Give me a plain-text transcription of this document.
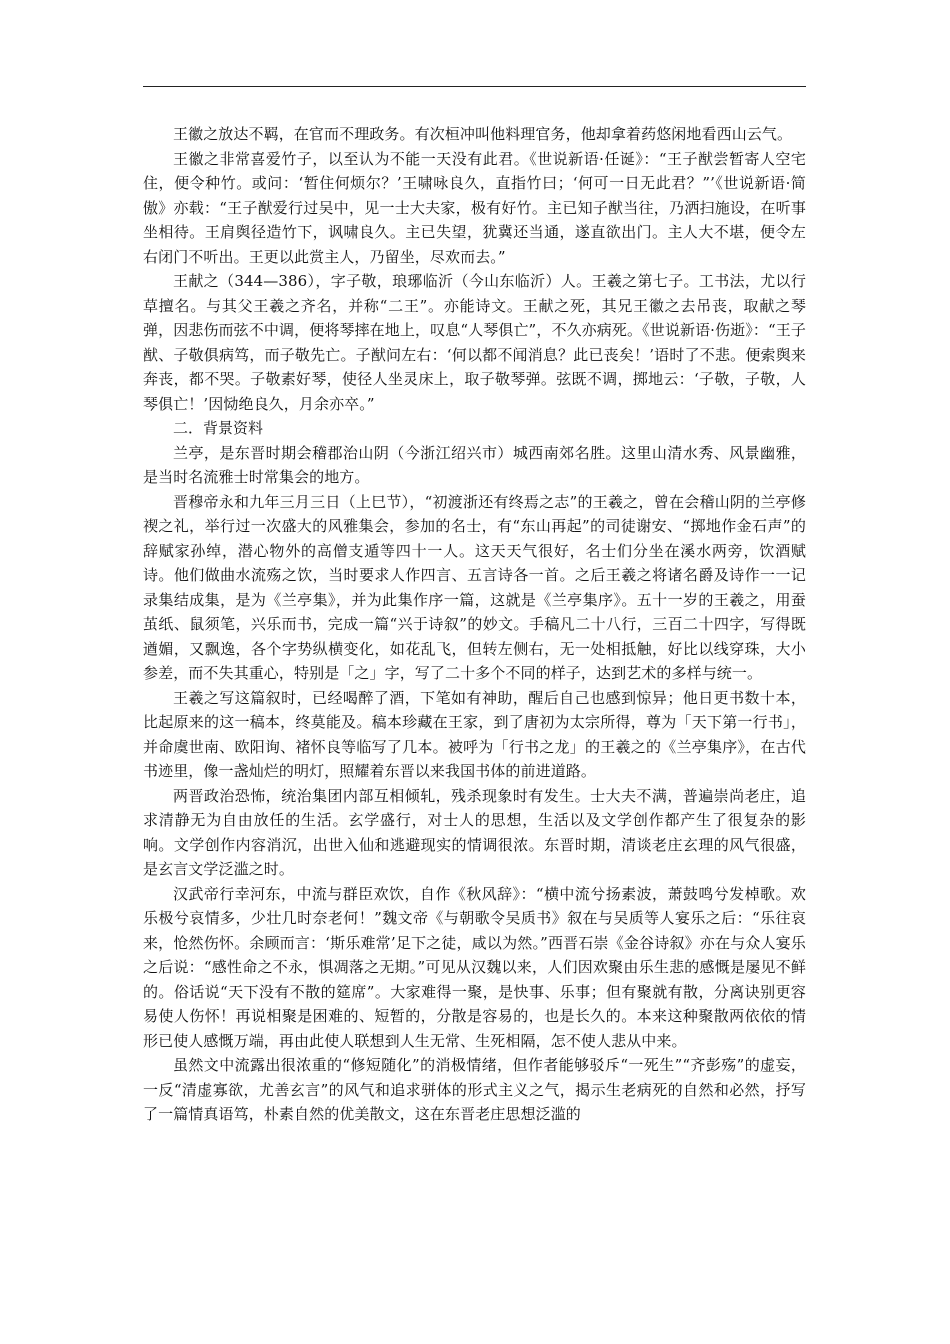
王徽之放达不羁，在官而不理政务。有次桓冲叫他料理官务，他却拿着药悠闲地看西山云气。

王徽之非常喜爱竹子，以至认为不能一天没有此君。《世说新语·任诞》：“王子猷尝暂寄人空宅住，便令种竹。或问：‘暂住何烦尔？’王啸咏良久，直指竹曰；‘何可一日无此君？”’《世说新语·简傲》亦载：“王子猷爱行过吴中，见一士大夫家，极有好竹。主已知子猷当往，乃洒扫施设，在听事坐相待。王肩舆径造竹下，讽啸良久。主已失望，犹冀还当通，遂直欲出门。主人大不堪，便令左右闭门不听出。王更以此赏主人，乃留坐，尽欢而去。”

王献之（344—386），字子敬，琅琊临沂（今山东临沂）人。王羲之第七子。工书法，尤以行草擅名。与其父王羲之齐名，并称“二王”。亦能诗文。王献之死，其兄王徽之去吊丧，取献之琴弹，因悲伤而弦不中调，便将琴摔在地上，叹息“人琴俱亡”，不久亦病死。《世说新语·伤逝》：“王子猷、子敬俱病笃，而子敬先亡。子猷问左右：‘何以都不闻消息？此已丧矣！’语时了不悲。便索舆来奔丧，都不哭。子敬素好琴，使径人坐灵床上，取子敬琴弹。弦既不调，掷地云：‘子敬，子敬，人琴俱亡！’因恸绝良久，月余亦卒。”

二．背景资料

兰亭，是东晋时期会稽郡治山阴（今浙江绍兴市）城西南郊名胜。这里山清水秀、风景幽雅，是当时名流雅士时常集会的地方。

晋穆帝永和九年三月三日（上巳节），“初渡浙还有终焉之志”的王羲之，曾在会稽山阴的兰亭修禊之礼，举行过一次盛大的风雅集会，参加的名士，有“东山再起”的司徒谢安、“掷地作金石声”的辞赋家孙绰，潜心物外的高僧支遁等四十一人。这天天气很好，名士们分坐在溪水两旁，饮酒赋诗。他们做曲水流殇之饮，当时要求人作四言、五言诗各一首。之后王羲之将诸名爵及诗作一一记录集结成集，是为《兰亭集》，并为此集作序一篇，这就是《兰亭集序》。五十一岁的王羲之，用蚕茧纸、鼠须笔，兴乐而书，完成一篇“兴于诗叙”的妙文。手稿凡二十八行，三百二十四字，写得既遒媚，又飘逸，各个字势纵横变化，如花乱飞，但转左侧右，无一处相抵触，好比以线穿珠，大小参差，而不失其重心，特别是「之」字，写了二十多个不同的样子，达到艺术的多样与统一。

王羲之写这篇叙时，已经喝醉了酒，下笔如有神助，醒后自己也感到惊异；他日更书数十本，比起原来的这一稿本，终莫能及。稿本珍藏在王家，到了唐初为太宗所得，尊为「天下第一行书」，并命虞世南、欧阳询、褚怀良等临写了几本。被呼为「行书之龙」的王羲之的《兰亭集序》，在古代书迹里，像一盏灿烂的明灯，照耀着东晋以来我国书体的前进道路。

两晋政治恐怖，统治集团内部互相倾轧，残杀现象时有发生。士大夫不满，普遍崇尚老庄，追求清静无为自由放任的生活。玄学盛行，对士人的思想，生活以及文学创作都产生了很复杂的影响。文学创作内容消沉，出世入仙和逃避现实的情调很浓。东晋时期，清谈老庄玄理的风气很盛，是玄言文学泛滥之时。

汉武帝行幸河东，中流与群臣欢饮，自作《秋风辞》：“横中流兮扬素波，萧鼓鸣兮发棹歌。欢乐极兮哀情多，少壮几时奈老何！”魏文帝《与朝歌令吴质书》叙在与吴质等人宴乐之后：“乐往哀来，怆然伤怀。余顾而言：‘斯乐难常’足下之徒，咸以为然。”西晋石崇《金谷诗叙》亦在与众人宴乐之后说：“感性命之不永，惧凋落之无期。”可见从汉魏以来，人们因欢聚由乐生悲的感慨是屡见不鲜的。俗话说“天下没有不散的筵席”。大家难得一聚，是快事、乐事；但有聚就有散，分离诀别更容易使人伤怀！再说相聚是困难的、短暂的，分散是容易的，也是长久的。本来这种聚散两依依的情形已使人感慨万端，再由此使人联想到人生无常、生死相隔，怎不使人悲从中来。

虽然文中流露出很浓重的“修短随化”的消极情绪，但作者能够驳斥“一死生”“齐彭殇”的虚妄，一反“清虚寡欲，尤善玄言”的风气和追求骈体的形式主义之气，揭示生老病死的自然和必然，抒写了一篇情真语笃，朴素自然的优美散文，这在东晋老庄思想泛滥的
